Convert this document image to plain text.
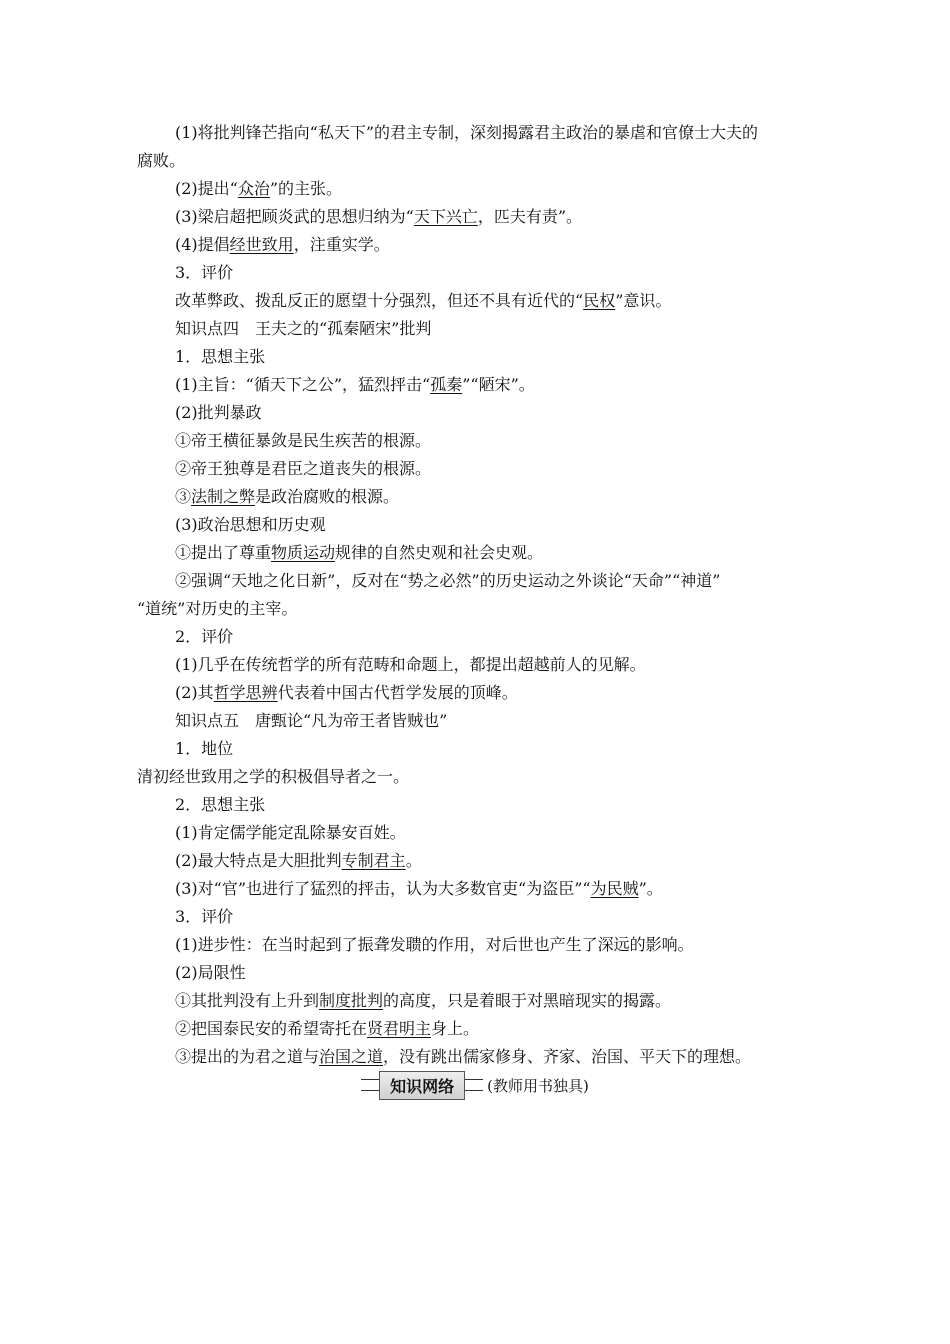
(1)将批判锋芒指向“私天下”的君主专制，深刻揭露君主政治的暴虐和官僚士大夫的
腐败。
(2)提出“众治”的主张。
(3)梁启超把顾炎武的思想归纳为“天下兴亡，匹夫有责”。
(4)提倡经世致用，注重实学。
3．评价
改革弊政、拨乱反正的愿望十分强烈，但还不具有近代的“民权”意识。
知识点四　王夫之的“孤秦陋宋”批判
1．思想主张
(1)主旨：“循天下之公”，猛烈抨击“孤秦”“陋宋”。
(2)批判暴政
①帝王横征暴敛是民生疾苦的根源。
②帝王独尊是君臣之道丧失的根源。
③法制之弊是政治腐败的根源。
(3)政治思想和历史观
①提出了尊重物质运动规律的自然史观和社会史观。
②强调“天地之化日新”，反对在“势之必然”的历史运动之外谈论“天命”“神道”
“道统”对历史的主宰。
2．评价
(1)几乎在传统哲学的所有范畴和命题上，都提出超越前人的见解。
(2)其哲学思辨代表着中国古代哲学发展的顶峰。
知识点五　唐甄论“凡为帝王者皆贼也”
1．地位
清初经世致用之学的积极倡导者之一。
2．思想主张
(1)肯定儒学能定乱除暴安百姓。
(2)最大特点是大胆批判专制君主。
(3)对“官”也进行了猛烈的抨击，认为大多数官吏“为盗臣”“为民贼”。
3．评价
(1)进步性：在当时起到了振聋发聩的作用，对后世也产生了深远的影响。
(2)局限性
①其批判没有上升到制度批判的高度，只是着眼于对黑暗现实的揭露。
②把国泰民安的希望寄托在贤君明主身上。
③提出的为君之道与治国之道，没有跳出儒家修身、齐家、治国、平天下的理想。
知识网络	(教师用书独具)
